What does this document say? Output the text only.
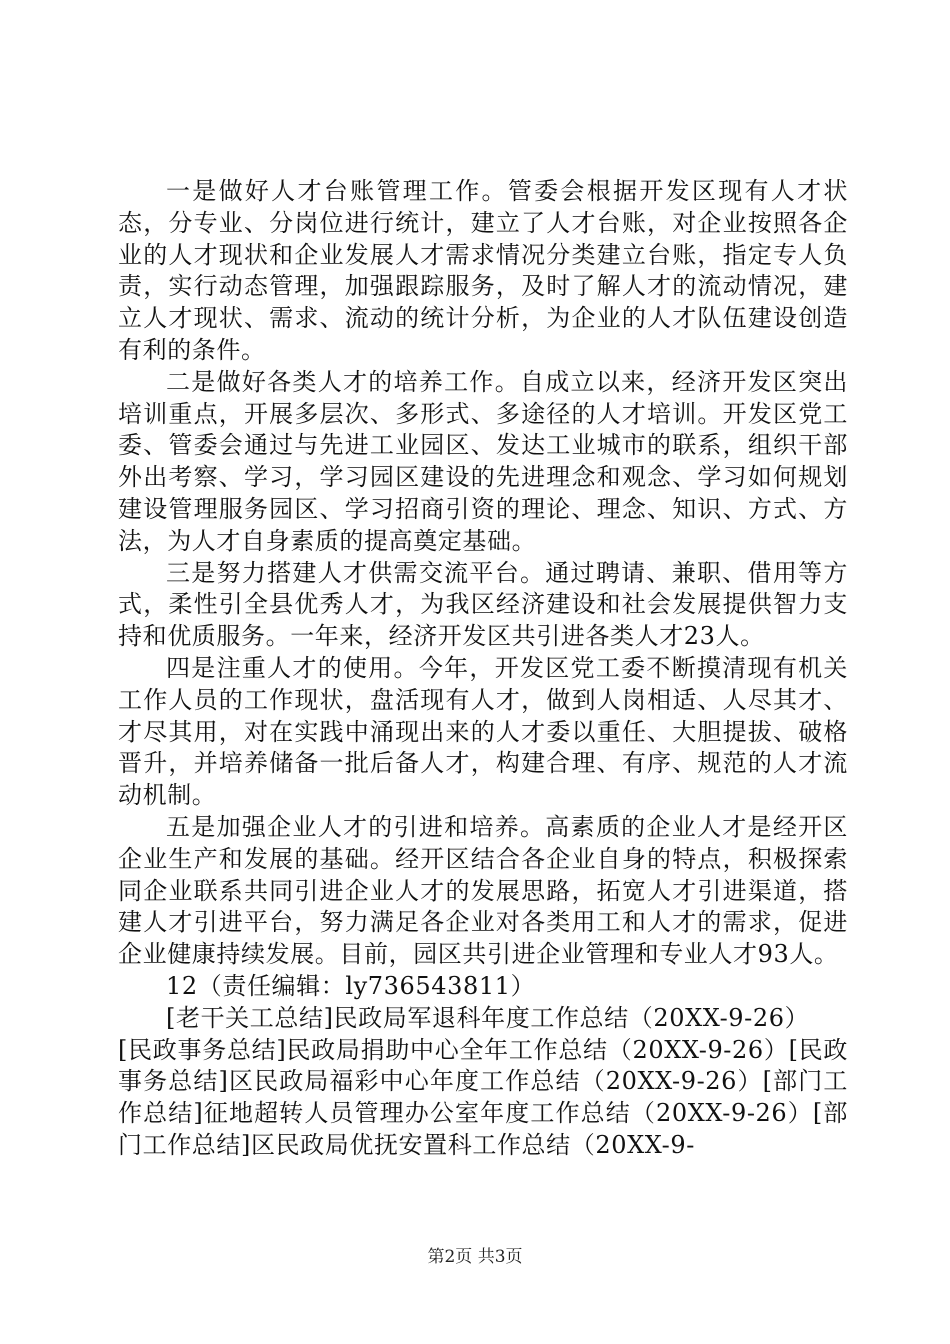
一是做好人才台账管理工作。管委会根据开发区现有人才状态，分专业、分岗位进行统计，建立了人才台账，对企业按照各企业的人才现状和企业发展人才需求情况分类建立台账，指定专人负责，实行动态管理，加强跟踪服务，及时了解人才的流动情况，建立人才现状、需求、流动的统计分析，为企业的人才队伍建设创造有利的条件。

二是做好各类人才的培养工作。自成立以来，经济开发区突出培训重点，开展多层次、多形式、多途径的人才培训。开发区党工委、管委会通过与先进工业园区、发达工业城市的联系，组织干部外出考察、学习，学习园区建设的先进理念和观念、学习如何规划建设管理服务园区、学习招商引资的理论、理念、知识、方式、方法，为人才自身素质的提高奠定基础。

三是努力搭建人才供需交流平台。通过聘请、兼职、借用等方式，柔性引全县优秀人才，为我区经济建设和社会发展提供智力支持和优质服务。一年来，经济开发区共引进各类人才23人。

四是注重人才的使用。今年，开发区党工委不断摸清现有机关工作人员的工作现状，盘活现有人才，做到人岗相适、人尽其才、才尽其用，对在实践中涌现出来的人才委以重任、大胆提拔、破格晋升，并培养储备一批后备人才，构建合理、有序、规范的人才流动机制。

五是加强企业人才的引进和培养。高素质的企业人才是经开区企业生产和发展的基础。经开区结合各企业自身的特点，积极探索同企业联系共同引进企业人才的发展思路，拓宽人才引进渠道，搭建人才引进平台，努力满足各企业对各类用工和人才的需求，促进企业健康持续发展。目前，园区共引进企业管理和专业人才93人。

12（责任编辑：ly736543811）

[老干关工总结]民政局军退科年度工作总结（20XX-9-26）

[民政事务总结]民政局捐助中心全年工作总结（20XX-9-26）[民政事务总结]区民政局福彩中心年度工作总结（20XX-9-26）[部门工作总结]征地超转人员管理办公室年度工作总结（20XX-9-26）[部门工作总结]区民政局优抚安置科工作总结（20XX-9-

第2页 共3页
